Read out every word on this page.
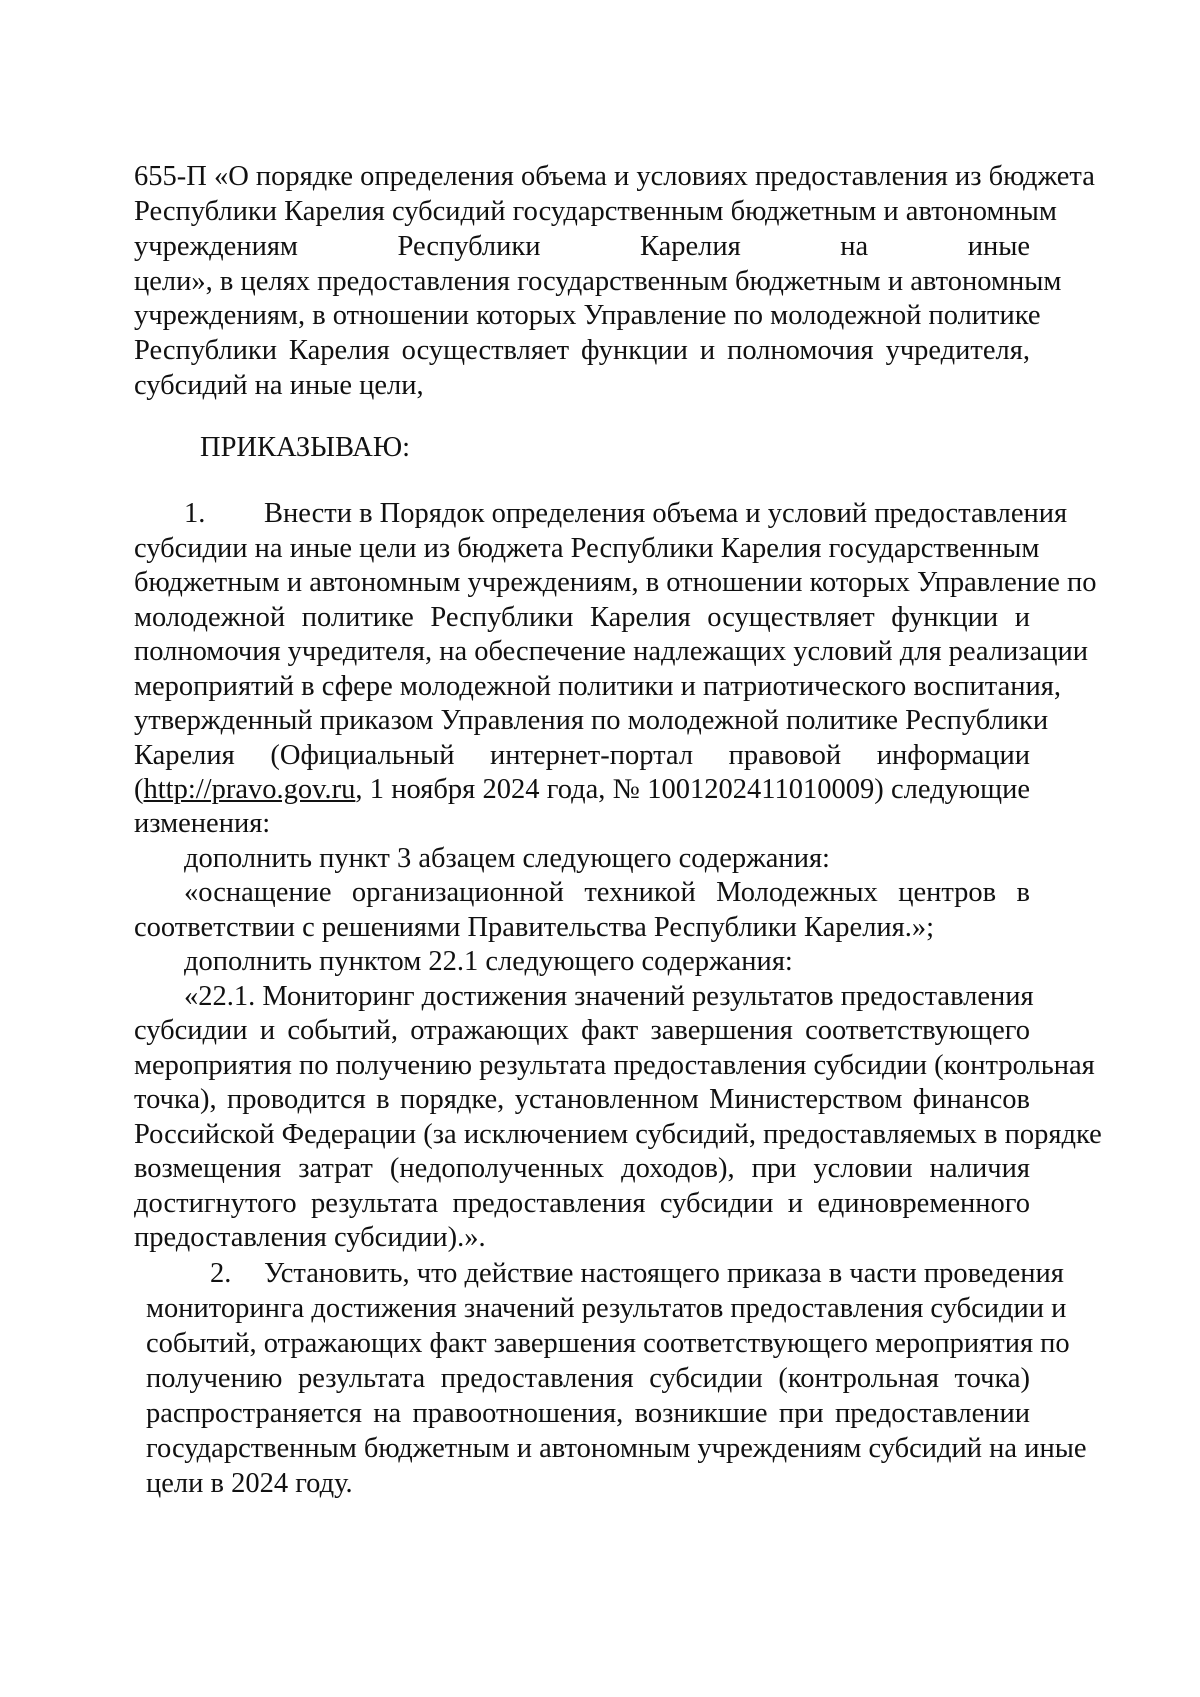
655-П «О порядке определения объема и условиях предоставления из бюджета
Республики Карелия субсидий государственным бюджетным и автономным
учреждениям Республики Карелия на иные
цели», в целях предоставления государственным бюджетным и автономным
учреждениям, в отношении которых Управление по молодежной политике
Республики Карелия осуществляет функции и полномочия учредителя,
субсидий на иные цели,
ПРИКАЗЫВАЮ:
1. Внести в Порядок определения объема и условий предоставления
субсидии на иные цели из бюджета Республики Карелия государственным
бюджетным и автономным учреждениям, в отношении которых Управление по
молодежной политике Республики Карелия осуществляет функции и
полномочия учредителя, на обеспечение надлежащих условий для реализации
мероприятий в сфере молодежной политики и патриотического воспитания,
утвержденный приказом Управления по молодежной политике Республики
Карелия (Официальный интернет-портал правовой информации
(http://pravo.gov.ru , 1 ноября 2024 года, № 1001202411010009) следующие
изменения:
дополнить пункт 3 абзацем следующего содержания:
«оснащение организационной техникой Молодежных центров в
соответствии с решениями Правительства Республики Карелия.»;
дополнить пунктом 22.1 следующего содержания:
«22.1. Мониторинг достижения значений результатов предоставления
субсидии и событий, отражающих факт завершения соответствующего
мероприятия по получению результата предоставления субсидии (контрольная
точка), проводится в порядке, установленном Министерством финансов
Российской Федерации (за исключением субсидий, предоставляемых в порядке
возмещения затрат (недополученных доходов), при условии наличия
достигнутого результата предоставления субсидии и единовременного
предоставления субсидии).».
2. Установить, что действие настоящего приказа в части проведения
мониторинга достижения значений результатов предоставления субсидии и
событий, отражающих факт завершения соответствующего мероприятия по
получению результата предоставления субсидии (контрольная точка)
распространяется на правоотношения, возникшие при предоставлении
государственным бюджетным и автономным учреждениям субсидий на иные
цели в 2024 году.
